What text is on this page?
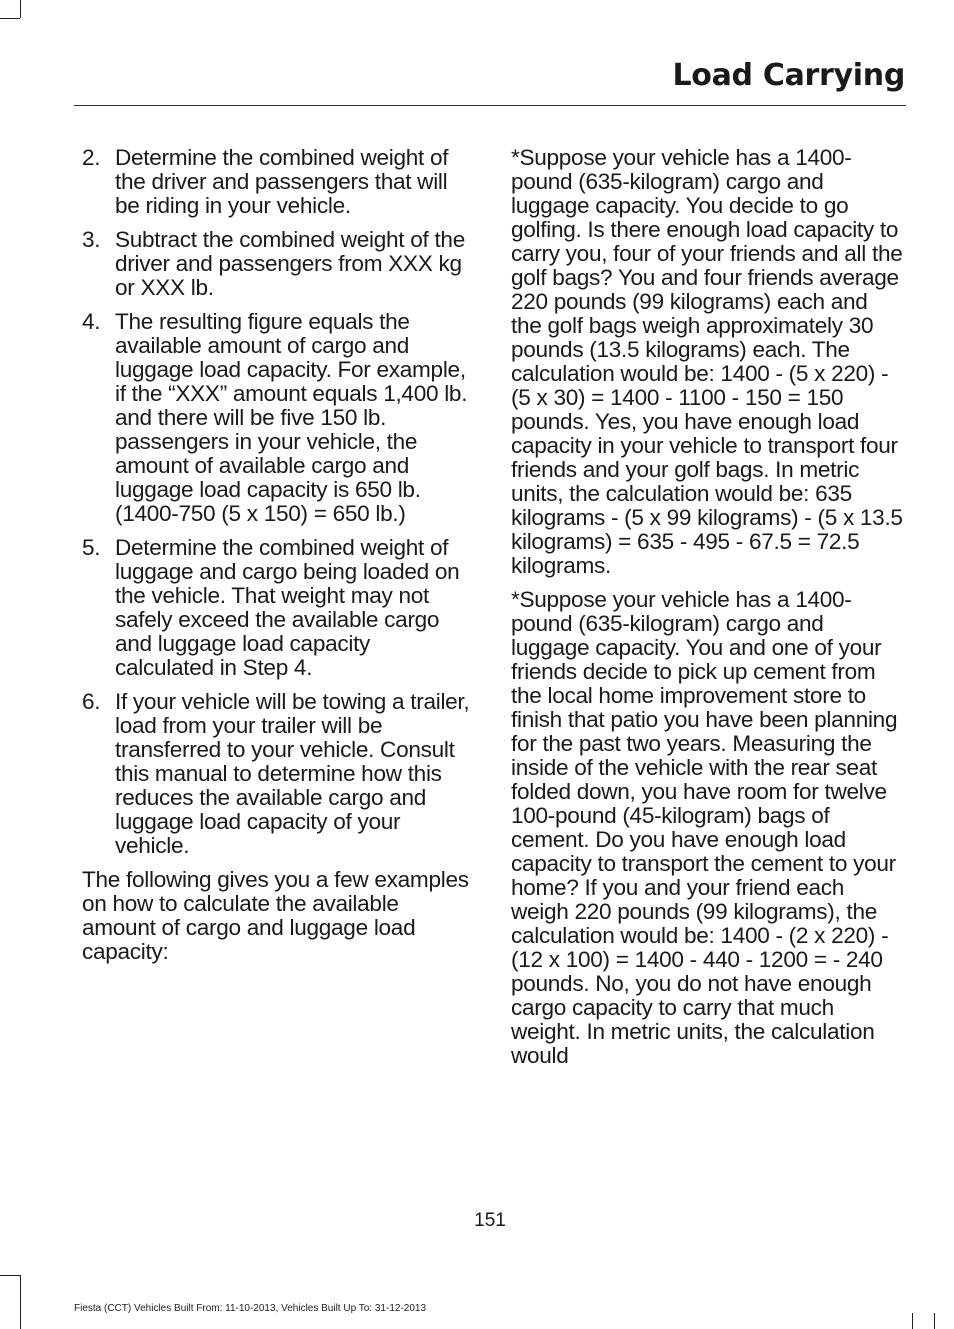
Load Carrying
2. Determine the combined weight of the driver and passengers that will be riding in your vehicle.
3. Subtract the combined weight of the driver and passengers from XXX kg or XXX lb.
4. The resulting figure equals the available amount of cargo and luggage load capacity. For example, if the “XXX” amount equals 1,400 lb. and there will be five 150 lb. passengers in your vehicle, the amount of available cargo and luggage load capacity is 650 lb. (1400-750 (5 x 150) = 650 lb.)
5. Determine the combined weight of luggage and cargo being loaded on the vehicle. That weight may not safely exceed the available cargo and luggage load capacity calculated in Step 4.
6. If your vehicle will be towing a trailer, load from your trailer will be transferred to your vehicle. Consult this manual to determine how this reduces the available cargo and luggage load capacity of your vehicle.

The following gives you a few examples on how to calculate the available amount of cargo and luggage load capacity:

*Suppose your vehicle has a 1400-pound (635-kilogram) cargo and luggage capacity. You decide to go golfing. Is there enough load capacity to carry you, four of your friends and all the golf bags? You and four friends average 220 pounds (99 kilograms) each and the golf bags weigh approximately 30 pounds (13.5 kilograms) each. The calculation would be: 1400 - (5 x 220) - (5 x 30) = 1400 - 1100 - 150 = 150 pounds. Yes, you have enough load capacity in your vehicle to transport four friends and your golf bags. In metric units, the calculation would be: 635 kilograms - (5 x 99 kilograms) - (5 x 13.5 kilograms) = 635 - 495 - 67.5 = 72.5 kilograms.

*Suppose your vehicle has a 1400-pound (635-kilogram) cargo and luggage capacity. You and one of your friends decide to pick up cement from the local home improvement store to finish that patio you have been planning for the past two years. Measuring the inside of the vehicle with the rear seat folded down, you have room for twelve 100-pound (45-kilogram) bags of cement. Do you have enough load capacity to transport the cement to your home? If you and your friend each weigh 220 pounds (99 kilograms), the calculation would be: 1400 - (2 x 220) - (12 x 100) = 1400 - 440 - 1200 = - 240 pounds. No, you do not have enough cargo capacity to carry that much weight. In metric units, the calculation would

151
Fiesta (CCT) Vehicles Built From: 11-10-2013, Vehicles Built Up To: 31-12-2013
